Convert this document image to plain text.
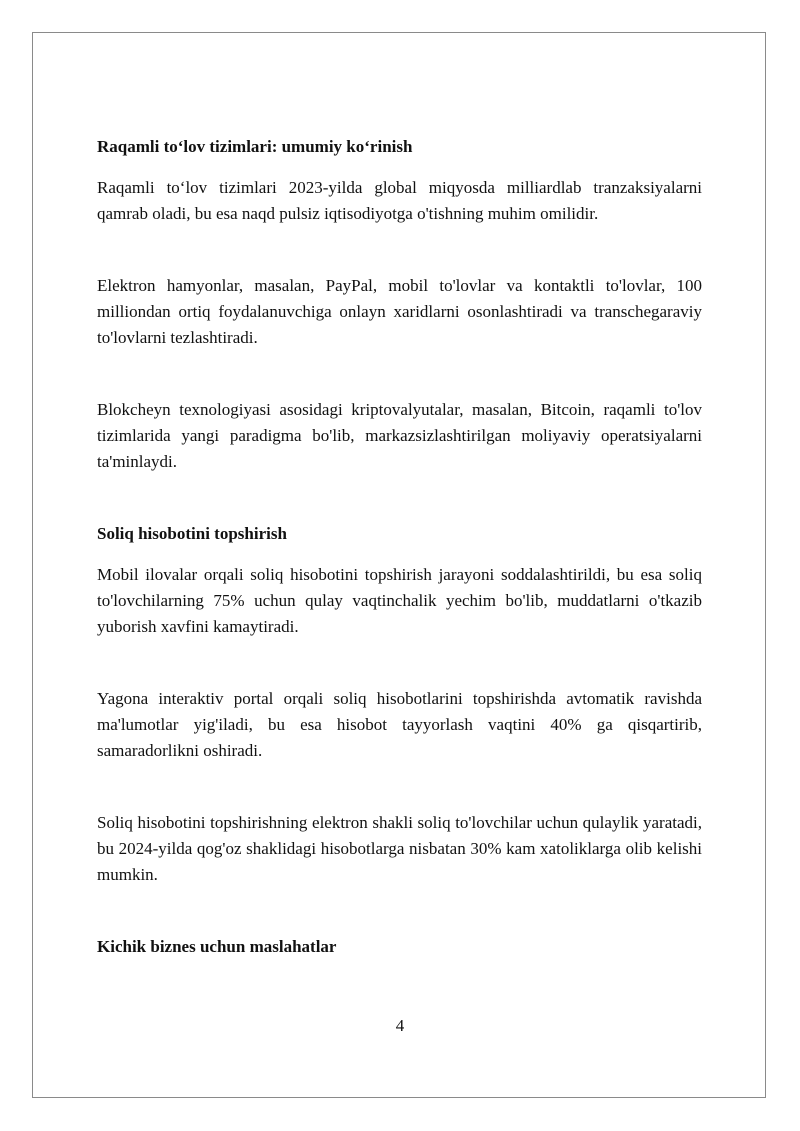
Raqamli to‘lov tizimlari: umumiy ko‘rinish

Raqamli to‘lov tizimlari 2023-yilda global miqyosda milliardlab tranzaksiyalarni qamrab oladi, bu esa naqd pulsiz iqtisodiyotga o'tishning muhim omilidir.

Elektron hamyonlar, masalan, PayPal, mobil to'lovlar va kontaktli to'lovlar, 100 milliondan ortiq foydalanuvchiga onlayn xaridlarni osonlashtiradi va transchegaraviy to'lovlarni tezlashtiradi.

Blokcheyn texnologiyasi asosidagi kriptovalyutalar, masalan, Bitcoin, raqamli to'lov tizimlarida yangi paradigma bo'lib, markazsizlashtirilgan moliyaviy operatsiyalarni ta'minlaydi.

Soliq hisobotini topshirish

Mobil ilovalar orqali soliq hisobotini topshirish jarayoni soddalashtirildi, bu esa soliq to'lovchilarning 75% uchun qulay vaqtinchalik yechim bo'lib, muddatlarni o'tkazib yuborish xavfini kamaytiradi.

Yagona interaktiv portal orqali soliq hisobotlarini topshirishda avtomatik ravishda ma'lumotlar yig'iladi, bu esa hisobot tayyorlash vaqtini 40% ga qisqartirib, samaradorlikni oshiradi.

Soliq hisobotini topshirishning elektron shakli soliq to'lovchilar uchun qulaylik yaratadi, bu 2024-yilda qog'oz shaklidagi hisobotlarga nisbatan 30% kam xatoliklarga olib kelishi mumkin.

Kichik biznes uchun maslahatlar

4
